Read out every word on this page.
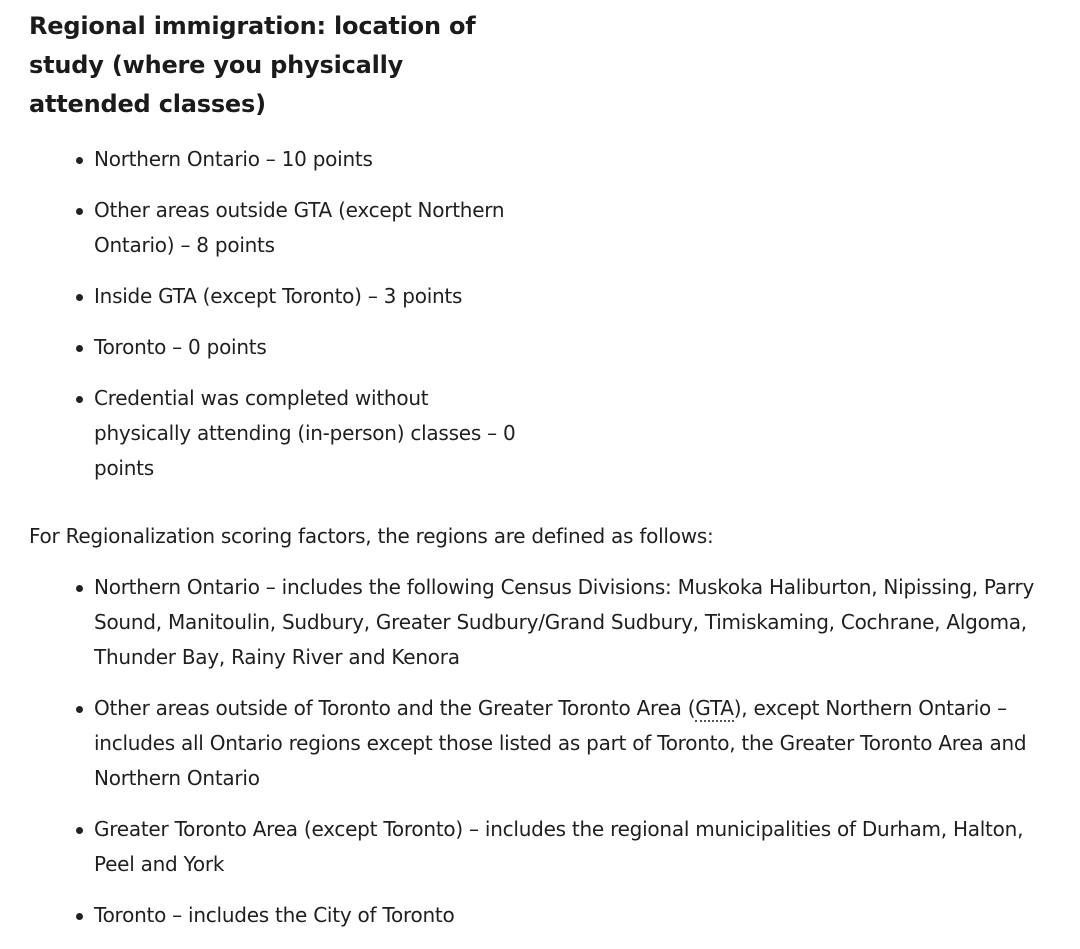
Regional immigration: location of study (where you physically attended classes)
Northern Ontario – 10 points
Other areas outside GTA (except Northern Ontario) – 8 points
Inside GTA (except Toronto) – 3 points
Toronto – 0 points
Credential was completed without physically attending (in-person) classes – 0 points

For Regionalization scoring factors, the regions are defined as follows:

Northern Ontario – includes the following Census Divisions: Muskoka Haliburton, Nipissing, Parry Sound, Manitoulin, Sudbury, Greater Sudbury/Grand Sudbury, Timiskaming, Cochrane, Algoma, Thunder Bay, Rainy River and Kenora
Other areas outside of Toronto and the Greater Toronto Area (GTA), except Northern Ontario – includes all Ontario regions except those listed as part of Toronto, the Greater Toronto Area and Northern Ontario
Greater Toronto Area (except Toronto) – includes the regional municipalities of Durham, Halton, Peel and York
Toronto – includes the City of Toronto
